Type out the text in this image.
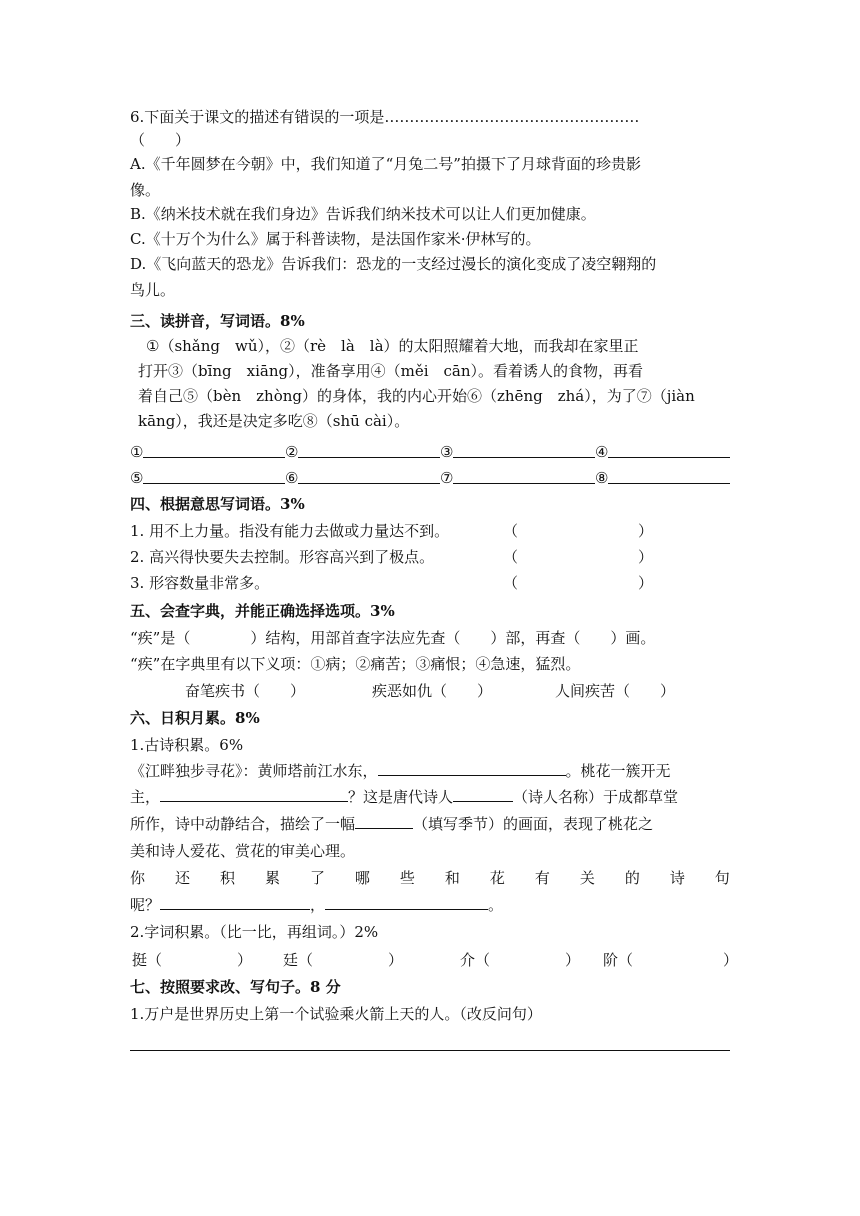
6.下面关于课文的描述有错误的一项是……………………………………………
（　　）
A.《千年圆梦在今朝》中，我们知道了“月兔二号”拍摄下了月球背面的珍贵影
像。
B.《纳米技术就在我们身边》告诉我们纳米技术可以让人们更加健康。
C.《十万个为什么》属于科普读物，是法国作家米·伊林写的。
D.《飞向蓝天的恐龙》告诉我们：恐龙的一支经过漫长的演化变成了凌空翱翔的
鸟儿。
三、读拼音，写词语。8%
①（shǎng　wǔ），②（rè　là　là）的太阳照耀着大地，而我却在家里正
打开③（bīng　xiāng），准备享用④（měi　cān）。看着诱人的食物，再看
着自己⑤（bèn　zhòng）的身体，我的内心开始⑥（zhēng　zhá），为了⑦（jiàn
kāng），我还是决定多吃⑧（shū cài）。
①	②	③	④
⑤	⑥	⑦	⑧
四、根据意思写词语。3%
1. 用不上力量。指没有能力去做或力量达不到。	（　　　　　　　　）
2. 高兴得快要失去控制。形容高兴到了极点。	（　　　　　　　　）
3. 形容数量非常多。	（　　　　　　　　）
五、会查字典，并能正确选择选项。3%
“疾”是（　　　　）结构，用部首查字法应先查（　　）部，再查（　　）画。
“疾”在字典里有以下义项：①病；②痛苦；③痛恨；④急速，猛烈。
奋笔疾书（　　）	疾恶如仇（　　）	人间疾苦（　　）
六、日积月累。8%
1.古诗积累。6%
《江畔独步寻花》：黄师塔前江水东，	。桃花一簇开无
主，	？这是唐代诗人	（诗人名称）于成都草堂
所作，诗中动静结合，描绘了一幅	（填写季节）的画面，表现了桃花之
美和诗人爱花、赏花的审美心理。
你 还 积 累 了 哪 些 和 花 有 关 的 诗 句
呢？	，	。
2.字词积累。（比一比，再组词。）2%
挺（　　　　　） 廷（　　　　　）	介（　　　　　） 阶（　　　　　　）
七、按照要求改、写句子。8 分
1.万户是世界历史上第一个试验乘火箭上天的人。（改反问句）
